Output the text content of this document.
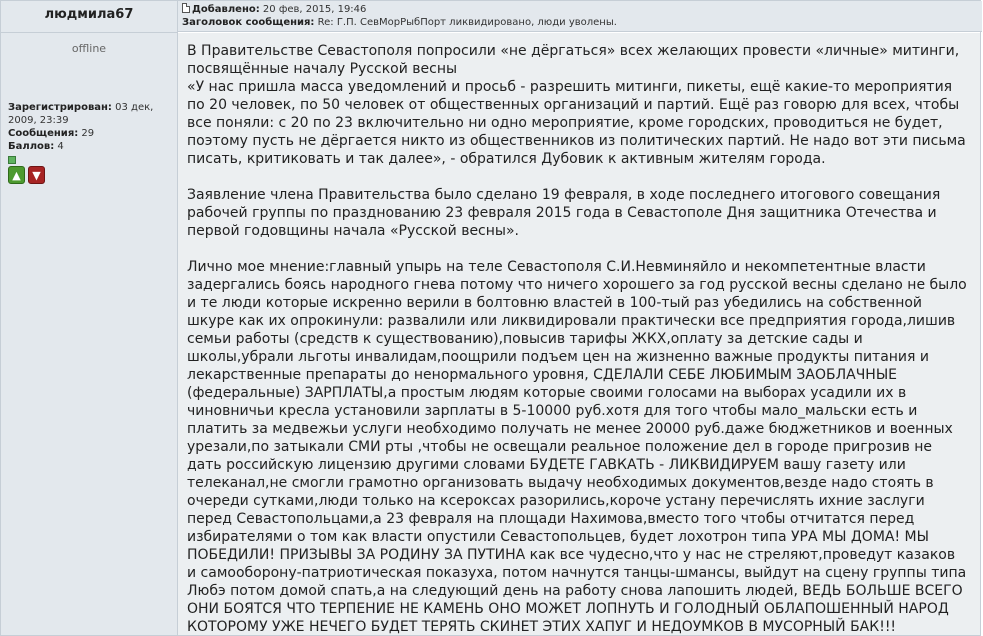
людмила67	Добавлено: 20 фев, 2015, 19:46
Заголовок сообщения: Re: Г.П. СевМорРыбПорт ликвидировано, люди уволены.
offline
Зарегистрирован: 03 дек, 2009, 23:39
Сообщения: 29
Баллов: 4
▲ ▼

В Правительстве Севастополя попросили «не дёргаться» всех желающих провести «личные» митинги,
посвящённые началу Русской весны
«У нас пришла масса уведомлений и просьб - разрешить митинги, пикеты, ещё какие-то мероприятия
по 20 человек, по 50 человек от общественных организаций и партий. Ещё раз говорю для всех, чтобы
все поняли: с 20 по 23 включительно ни одно мероприятие, кроме городских, проводиться не будет,
поэтому пусть не дёргается никто из общественников из политических партий. Не надо вот эти письма
писать, критиковать и так далее», - обратился Дубовик к активным жителям города.

Заявление члена Правительства было сделано 19 февраля, в ходе последнего итогового совещания
рабочей группы по празднованию 23 февраля 2015 года в Севастополе Дня защитника Отечества и
первой годовщины начала «Русской весны».

Лично мое мнение:главный упырь на теле Севастополя С.И.Невминяйло и некомпетентные власти
задергались боясь народного гнева потому что ничего хорошего за год русской весны сделано не было
и те люди которые искренно верили в болтовню властей в 100-тый раз убедились на собственной
шкуре как их опрокинули: развалили или ликвидировали практически все предприятия города,лишив
семьи работы (средств к существованию),повысив тарифы ЖКХ,оплату за детские сады и
школы,убрали льготы инвалидам,поощрили подъем цен на жизненно важные продукты питания и
лекарственные препараты до ненормального уровня, СДЕЛАЛИ СЕБЕ ЛЮБИМЫМ ЗАОБЛАЧНЫЕ
(федеральные) ЗАРПЛАТЫ,а простым людям которые своими голосами на выборах усадили их в
чиновничьи кресла установили зарплаты в 5-10000 руб.хотя для того чтобы мало_мальски есть и
платить за медвежьи услуги необходимо получать не менее 20000 руб.даже бюджетников и военных
урезали,по затыкали СМИ рты ,чтобы не освещали реальное положение дел в городе пригрозив не
дать российскую лицензию другими словами БУДЕТЕ ГАВКАТЬ - ЛИКВИДИРУЕМ вашу газету или
телеканал,не смогли грамотно организовать выдачу необходимых документов,везде надо стоять в
очереди сутками,люди только на ксероксах разорились,короче устану перечислять ихние заслуги
перед Севастопольцами,а 23 февраля на площади Нахимова,вместо того чтобы отчитатся перед
избирателями о том как власти опустили Севастопольцев, будет лохотрон типа УРА МЫ ДОМА! МЫ
ПОБЕДИЛИ! ПРИЗЫВЫ ЗА РОДИНУ ЗА ПУТИНА как все чудесно,что у нас не стреляют,проведут казаков
и самооборону-патриотическая показуха, потом начнутся танцы-шмансы, выйдут на сцену группы типа
Любэ потом домой спать,а на следующий день на работу снова лапошить людей, ВЕДЬ БОЛЬШЕ ВСЕГО
ОНИ БОЯТСЯ ЧТО ТЕРПЕНИЕ НЕ КАМЕНЬ ОНО МОЖЕТ ЛОПНУТЬ И ГОЛОДНЫЙ ОБЛАПОШЕННЫЙ НАРОД
КОТОРОМУ УЖЕ НЕЧЕГО БУДЕТ ТЕРЯТЬ СКИНЕТ ЭТИХ ХАПУГ И НЕДОУМКОВ В МУСОРНЫЙ БАК!!!
